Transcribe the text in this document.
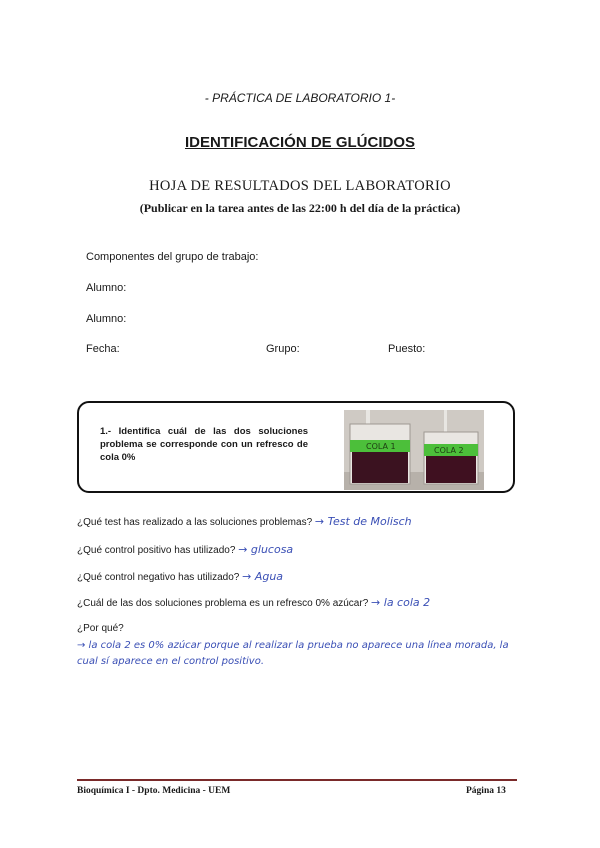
- PRÁCTICA DE LABORATORIO 1-
IDENTIFICACIÓN DE GLÚCIDOS
HOJA DE RESULTADOS DEL LABORATORIO
(Publicar en la tarea antes de las 22:00 h del día de la práctica)
Componentes del grupo de trabajo:
Alumno:
Alumno:
Fecha:	Grupo:	Puesto:
1.- Identifica cuál de las dos soluciones problema se corresponde con un refresco de cola 0%
COLA 1	COLA 2
¿Qué test has realizado a las soluciones problemas? → Test de Molisch
¿Qué control positivo has utilizado? → glucosa
¿Qué control negativo has utilizado? → Agua
¿Cuál de las dos soluciones problema es un refresco 0% azúcar? → la cola 2
¿Por qué?
→ la cola 2 es 0% azúcar porque al realizar la prueba no aparece una línea morada, la cual sí aparece en el control positivo.
Bioquímica I - Dpto. Medicina - UEM	Página 13
